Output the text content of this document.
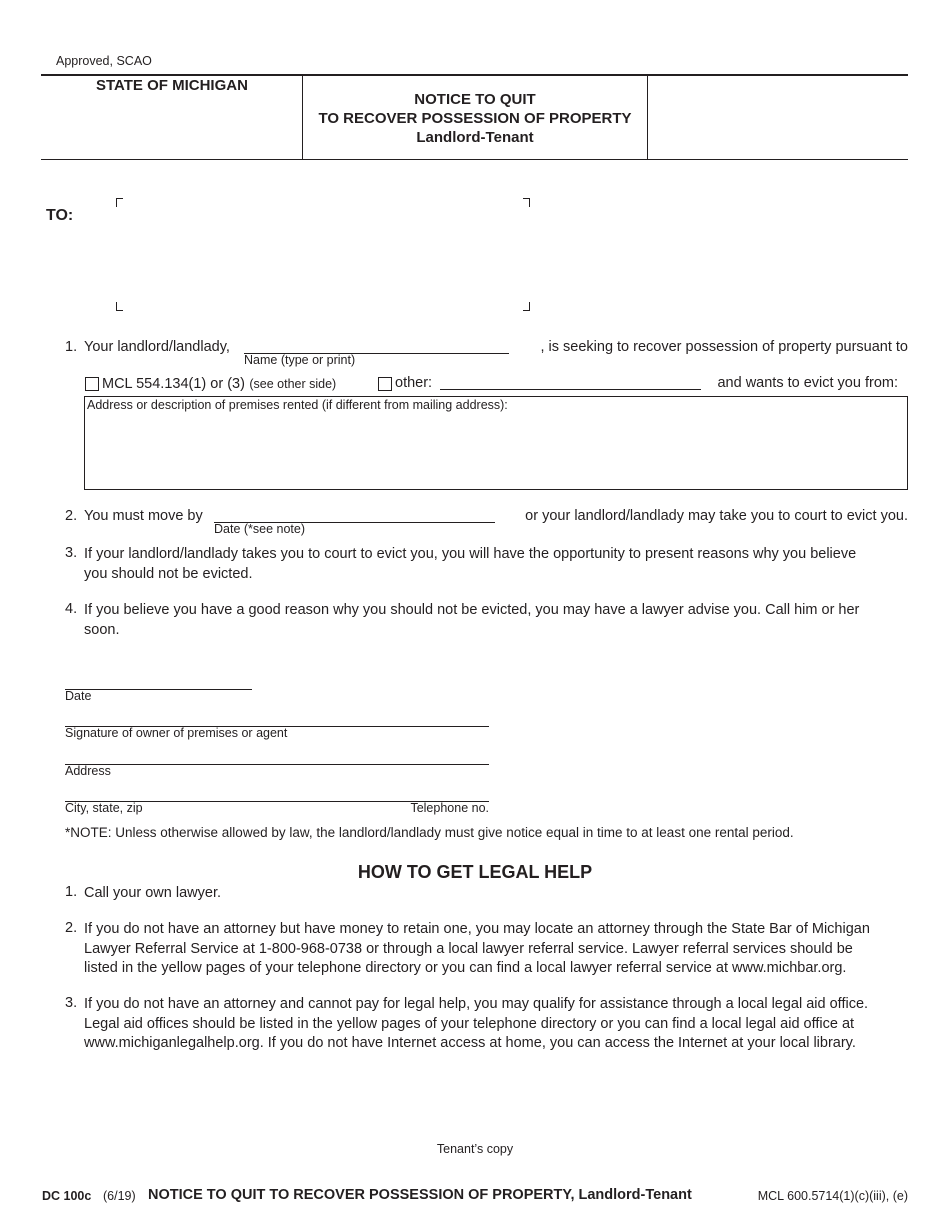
Approved, SCAO
STATE OF MICHIGAN
NOTICE TO QUIT
TO RECOVER POSSESSION OF PROPERTY
Landlord-Tenant
TO:
1. Your landlord/landlady,
Name (type or print)
, is seeking to recover possession of property pursuant to
MCL 554.134(1) or (3) (see other side)	other:	and wants to evict you from:
Address or description of premises rented (if different from mailing address):
2. You must move by
Date (*see note)
or your landlord/landlady may take you to court to evict you.
3. If your landlord/landlady takes you to court to evict you, you will have the opportunity to present reasons why you believe
you should not be evicted.
4. If you believe you have a good reason why you should not be evicted, you may have a lawyer advise you. Call him or her
soon.
Date
Signature of owner of premises or agent
Address
City, state, zip	Telephone no.
*NOTE: Unless otherwise allowed by law, the landlord/landlady must give notice equal in time to at least one rental period.
HOW TO GET LEGAL HELP
1. Call your own lawyer.
2. If you do not have an attorney but have money to retain one, you may locate an attorney through the State Bar of Michigan
Lawyer Referral Service at 1-800-968-0738 or through a local lawyer referral service. Lawyer referral services should be
listed in the yellow pages of your telephone directory or you can find a local lawyer referral service at www.michbar.org.
3. If you do not have an attorney and cannot pay for legal help, you may qualify for assistance through a local legal aid office.
Legal aid offices should be listed in the yellow pages of your telephone directory or you can find a local legal aid office at
www.michiganlegalhelp.org. If you do not have Internet access at home, you can access the Internet at your local library.
Tenant’s copy
DC 100c (6/19) NOTICE TO QUIT TO RECOVER POSSESSION OF PROPERTY, Landlord-Tenant	MCL 600.5714(1)(c)(iii), (e)
